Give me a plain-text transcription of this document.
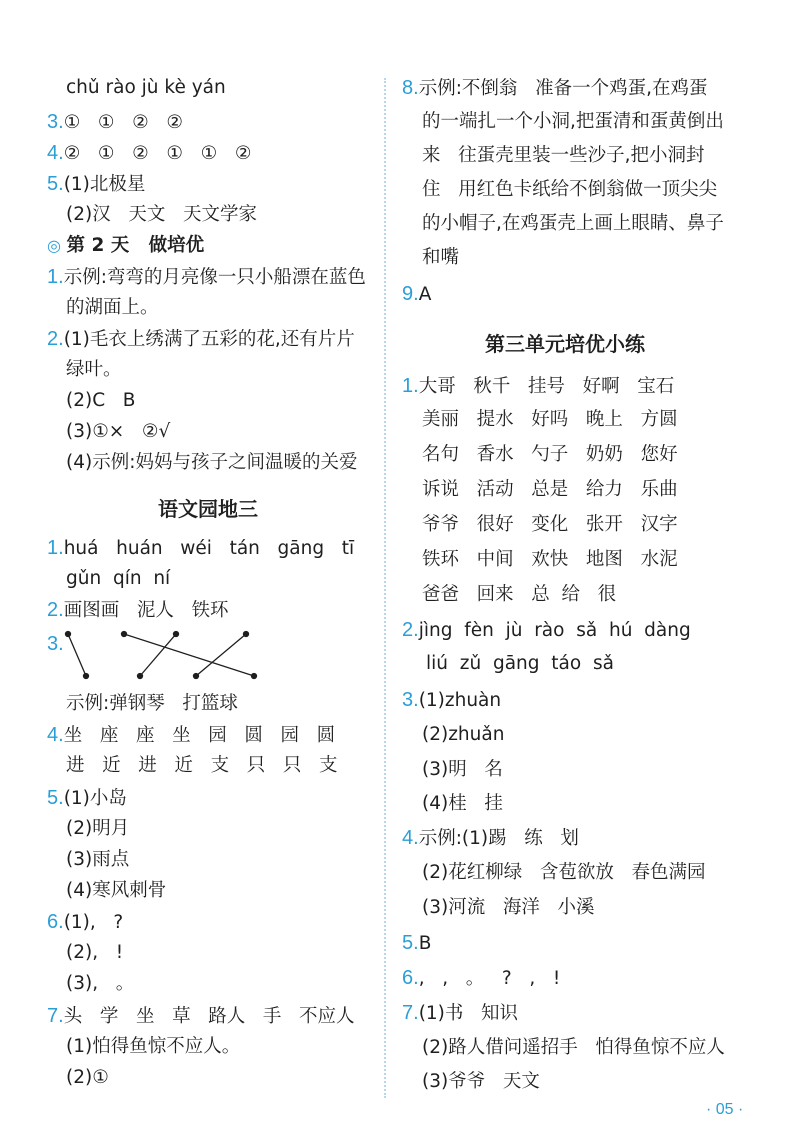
chǔ rào jù kè yán
3.①   ①   ②   ②
4.②   ①   ②   ①   ①   ②
5.(1)北极星
(2)汉   天文   天文学家
◎ 第 2 天   做培优
1.示例:弯弯的月亮像一只小船漂在蓝色
的湖面上。
2.(1)毛衣上绣满了五彩的花,还有片片
绿叶。
(2)C   B
(3)①×   ②√
(4)示例:妈妈与孩子之间温暖的关爱
语文园地三
1.huá   huán   wéi   tán   gāng   tī
gǔn  qín  ní
2.画图画   泥人   铁环
3.
示例:弹钢琴   打篮球
4.坐   座   座   坐   园   圆   园   圆
进   近   进   近   支   只   只   支
5.(1)小岛
(2)明月
(3)雨点
(4)寒风刺骨
6.(1),   ?
(2),   !
(3),   。
7.头   学   坐   草   路人   手   不应人
(1)怕得鱼惊不应人。
(2)①
8.示例:不倒翁   准备一个鸡蛋,在鸡蛋
的一端扎一个小洞,把蛋清和蛋黄倒出
来   往蛋壳里装一些沙子,把小洞封
住   用红色卡纸给不倒翁做一顶尖尖
的小帽子,在鸡蛋壳上画上眼睛、鼻子
和嘴
9.A
第三单元培优小练
1.大哥   秋千   挂号   好啊   宝石
美丽   提水   好吗   晚上   方圆
名句   香水   勺子   奶奶   您好
诉说   活动   总是   给力   乐曲
爷爷   很好   变化   张开   汉字
铁环   中间   欢快   地图   水泥
爸爸   回来   总  给   很
2.jìng  fèn  jù  rào  sǎ  hú  dàng
liú  zǔ  gāng  táo  sǎ
3.(1)zhuàn
(2)zhuǎn
(3)明   名
(4)桂   挂
4.示例:(1)踢   练   划
(2)花红柳绿   含苞欲放   春色满园
(3)河流   海洋   小溪
5.B
6.,   ,   。   ?   ,   !
7.(1)书   知识
(2)路人借问遥招手   怕得鱼惊不应人
(3)爷爷   天文
· 05 ·
